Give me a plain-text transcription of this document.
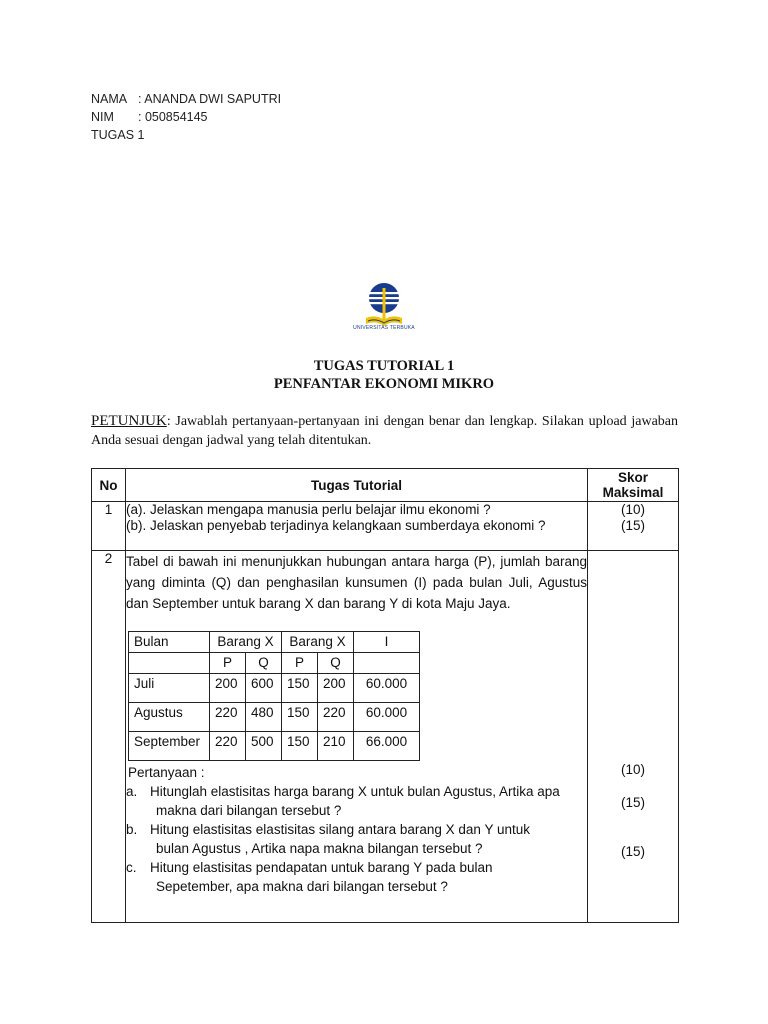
NAMA : ANANDA DWI SAPUTRI
NIM	: 050854145
TUGAS 1
UNIVERSITAS TERBUKA
TUGAS TUTORIAL 1
PENFANTAR EKONOMI MIKRO
PETUNJUK: Jawablah pertanyaan-pertanyaan ini dengan benar dan lengkap. Silakan upload jawaban Anda sesuai dengan jadwal yang telah ditentukan.
No	Tugas Tutorial	Skor
Maksimal

1	(a). Jelaskan mengapa manusia perlu belajar ilmu ekonomi ?
(b). Jelaskan penyebab terjadinya kelangkaan sumberdaya ekonomi ?

(10)
(15)

2	Tabel di bawah ini menunjukkan hubungan antara harga (P), jumlah barang yang diminta (Q) dan penghasilan kunsumen (I) pada bulan Juli, Agustus dan September untuk barang X dan barang Y di kota Maju Jaya.
Bulan	Barang X	Barang X	I
	P	Q	P	Q	
Juli	200	600	150	200	60.000
Agustus	220	480	150	220	60.000
September	220	500	150	210	66.000
Pertanyaan :
a. Hitunglah elastisitas harga barang X untuk bulan Agustus, Artika apa
makna dari bilangan tersebut ?
b. Hitung elastisitas elastisitas silang antara barang X dan Y untuk
bulan Agustus , Artika napa makna bilangan tersebut ?
c. Hitung elastisitas pendapatan untuk barang Y pada bulan
Sepetember, apa makna dari bilangan tersebut ?

(10)
(15)
(15)
